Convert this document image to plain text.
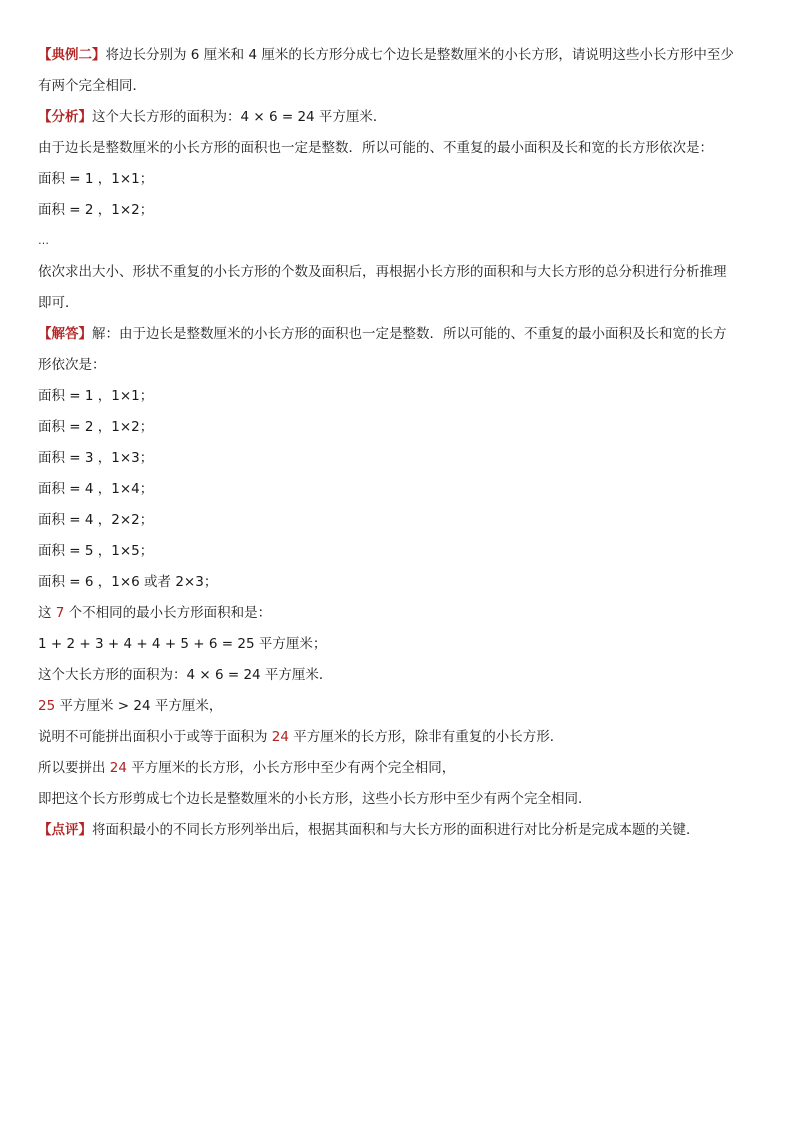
【典例二】将边长分别为 6 厘米和 4 厘米的长方形分成七个边长是整数厘米的小长方形，请说明这些小长方形中至少
有两个完全相同．
【分析】这个大长方形的面积为：4 × 6 = 24 平方厘米．
由于边长是整数厘米的小长方形的面积也一定是整数．所以可能的、不重复的最小面积及长和宽的长方形依次是：
面积 = 1 ，1×1；
面积 = 2 ，1×2；
…
依次求出大小、形状不重复的小长方形的个数及面积后，再根据小长方形的面积和与大长方形的总分积进行分析推理
即可．
【解答】解：由于边长是整数厘米的小长方形的面积也一定是整数．所以可能的、不重复的最小面积及长和宽的长方
形依次是：
面积 = 1 ，1×1；
面积 = 2 ，1×2；
面积 = 3 ，1×3；
面积 = 4 ，1×4；
面积 = 4 ，2×2；
面积 = 5 ，1×5；
面积 = 6 ，1×6 或者 2×3；
这 7 个不相同的最小长方形面积和是：
1 + 2 + 3 + 4 + 4 + 5 + 6 = 25 平方厘米；
这个大长方形的面积为：4 × 6 = 24 平方厘米．
25 平方厘米 > 24 平方厘米，
说明不可能拼出面积小于或等于面积为 24 平方厘米的长方形，除非有重复的小长方形．
所以要拼出 24 平方厘米的长方形，小长方形中至少有两个完全相同，
即把这个长方形剪成七个边长是整数厘米的小长方形，这些小长方形中至少有两个完全相同．
【点评】将面积最小的不同长方形列举出后，根据其面积和与大长方形的面积进行对比分析是完成本题的关键．
